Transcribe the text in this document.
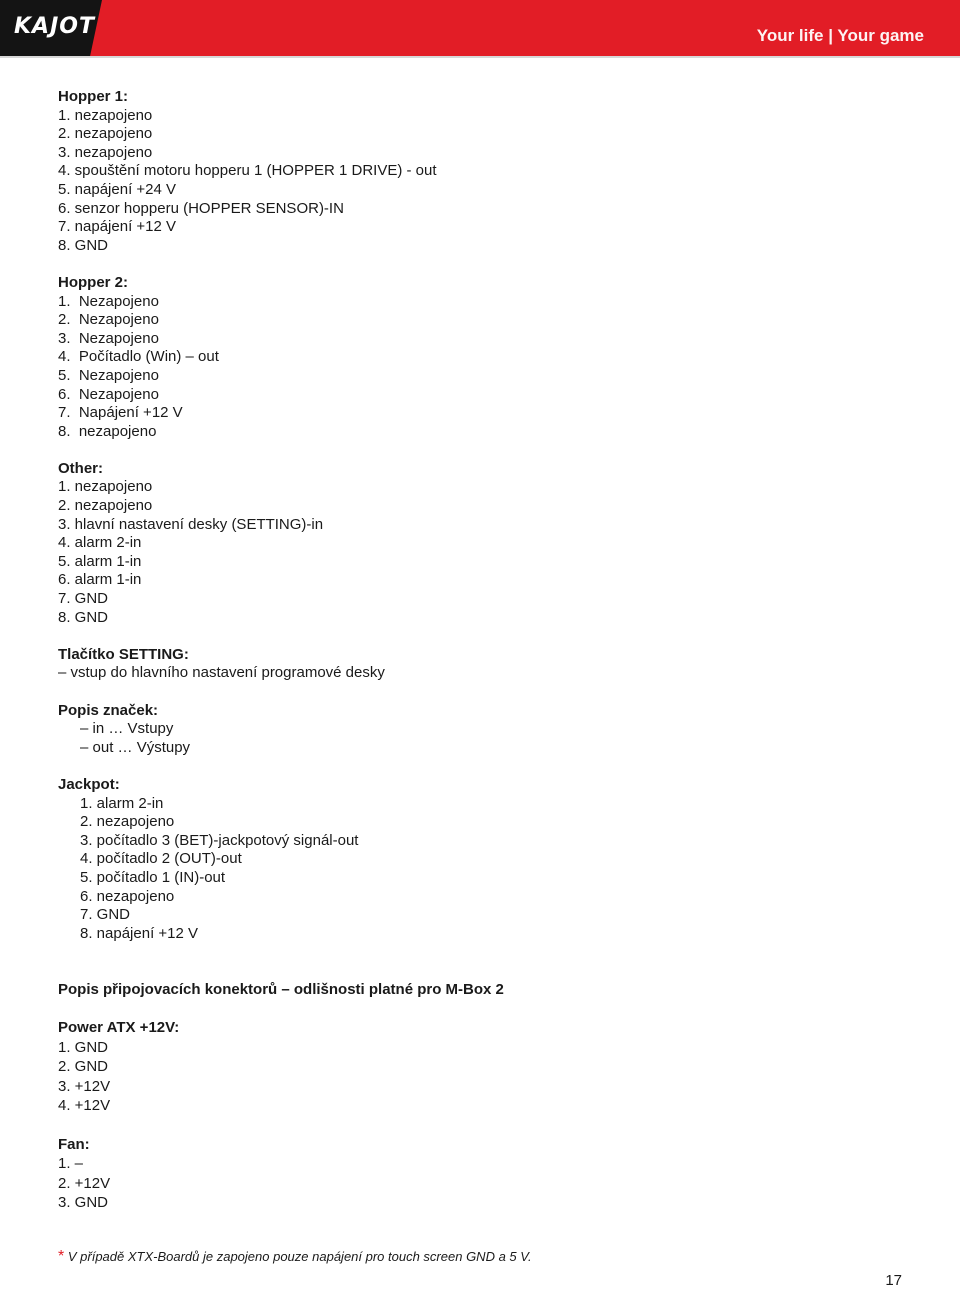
KAJOT	Your life | Your game
Hopper 1:
1. nezapojeno
2. nezapojeno
3. nezapojeno
4. spouštění motoru hopperu 1 (HOPPER 1 DRIVE) - out
5. napájení +24 V
6. senzor hopperu (HOPPER SENSOR)-IN
7. napájení +12 V
8. GND
Hopper 2:
1.  Nezapojeno
2.  Nezapojeno
3.  Nezapojeno
4.  Počítadlo (Win) – out
5.  Nezapojeno
6.  Nezapojeno
7.  Napájení +12 V
8.  nezapojeno
Other:
1. nezapojeno
2. nezapojeno
3. hlavní nastavení desky (SETTING)-in
4. alarm 2-in
5. alarm 1-in
6. alarm 1-in
7. GND
8. GND
Tlačítko SETTING:
– vstup do hlavního nastavení programové desky
Popis značek:
– in … Vstupy
– out … Výstupy
Jackpot:
1. alarm 2-in
2. nezapojeno
3. počítadlo 3 (BET)-jackpotový signál-out
4. počítadlo 2 (OUT)-out
5. počítadlo 1 (IN)-out
6. nezapojeno
7. GND
8. napájení +12 V
Popis připojovacích konektorů – odlišnosti platné pro M-Box 2
Power ATX +12V:
1. GND
2. GND
3. +12V
4. +12V
Fan:
1. –
2. +12V
3. GND
* V případě XTX-Boardů je zapojeno pouze napájení pro touch screen GND a 5 V.
17
